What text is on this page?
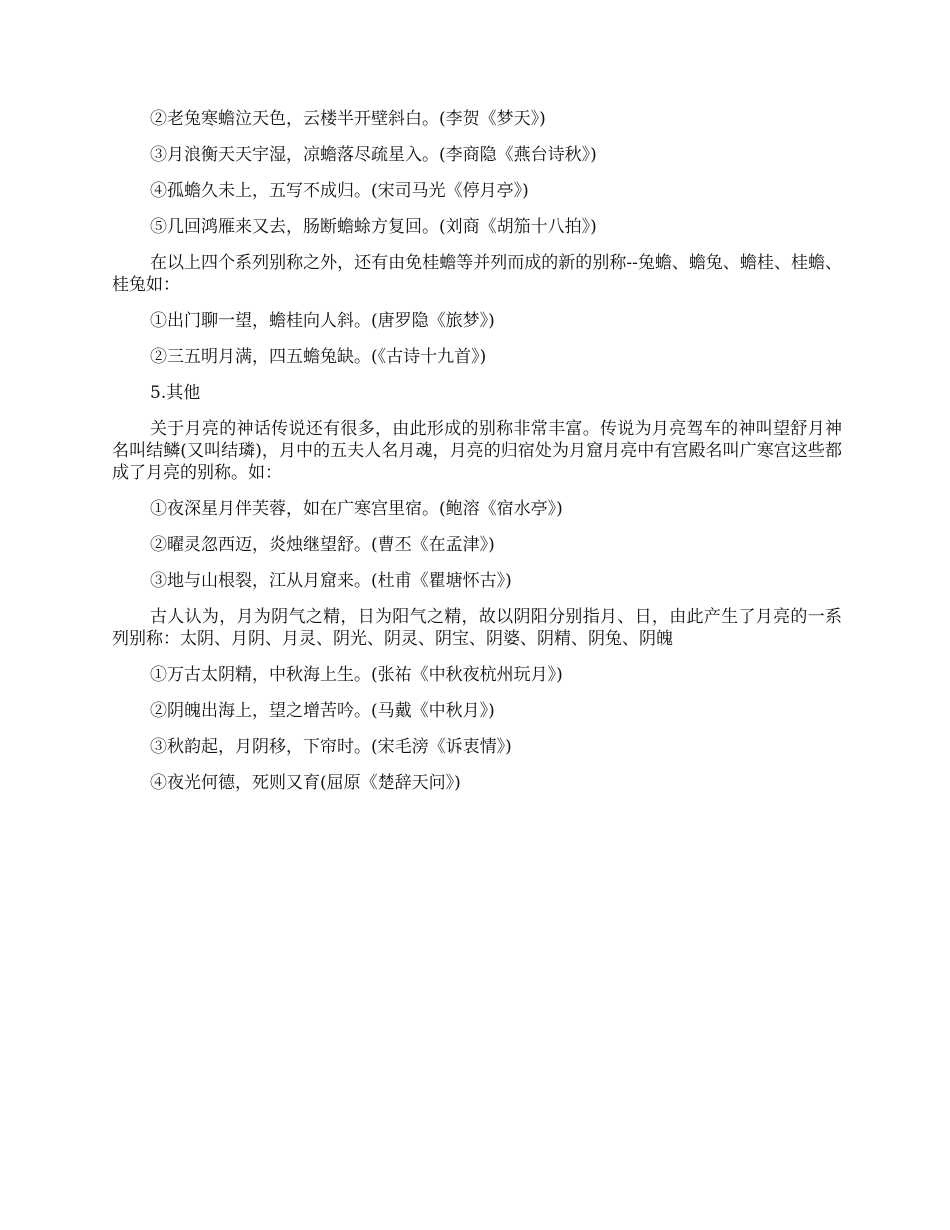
②老兔寒蟾泣天色，云楼半开壁斜白。(李贺《梦天》)

③月浪衡天天宇湿，凉蟾落尽疏星入。(李商隐《燕台诗秋》)

④孤蟾久未上，五写不成归。(宋司马光《停月亭》)

⑤几回鸿雁来又去，肠断蟾蜍方复回。(刘商《胡笳十八拍》)

在以上四个系列别称之外，还有由免桂蟾等并列而成的新的别称--兔蟾、蟾兔、蟾桂、桂蟾、桂兔如：

①出门聊一望，蟾桂向人斜。(唐罗隐《旅梦》)

②三五明月满，四五蟾兔缺。(《古诗十九首》)

5.其他

关于月亮的神话传说还有很多，由此形成的别称非常丰富。传说为月亮驾车的神叫望舒月神名叫结鳞(又叫结璘)，月中的五夫人名月魂，月亮的归宿处为月窟月亮中有宫殿名叫广寒宫这些都成了月亮的别称。如：

①夜深星月伴芙蓉，如在广寒宫里宿。(鲍溶《宿水亭》)

②曜灵忽西迈，炎烛继望舒。(曹丕《在孟津》)

③地与山根裂，江从月窟来。(杜甫《瞿塘怀古》)

古人认为，月为阴气之精，日为阳气之精，故以阴阳分别指月、日，由此产生了月亮的一系列别称：太阴、月阴、月灵、阴光、阴灵、阴宝、阴婆、阴精、阴兔、阴魄

①万古太阴精，中秋海上生。(张祐《中秋夜杭州玩月》)

②阴魄出海上，望之增苦吟。(马戴《中秋月》)

③秋韵起，月阴移，下帘时。(宋毛滂《诉衷情》)

④夜光何德，死则又育(屈原《楚辞天问》)
